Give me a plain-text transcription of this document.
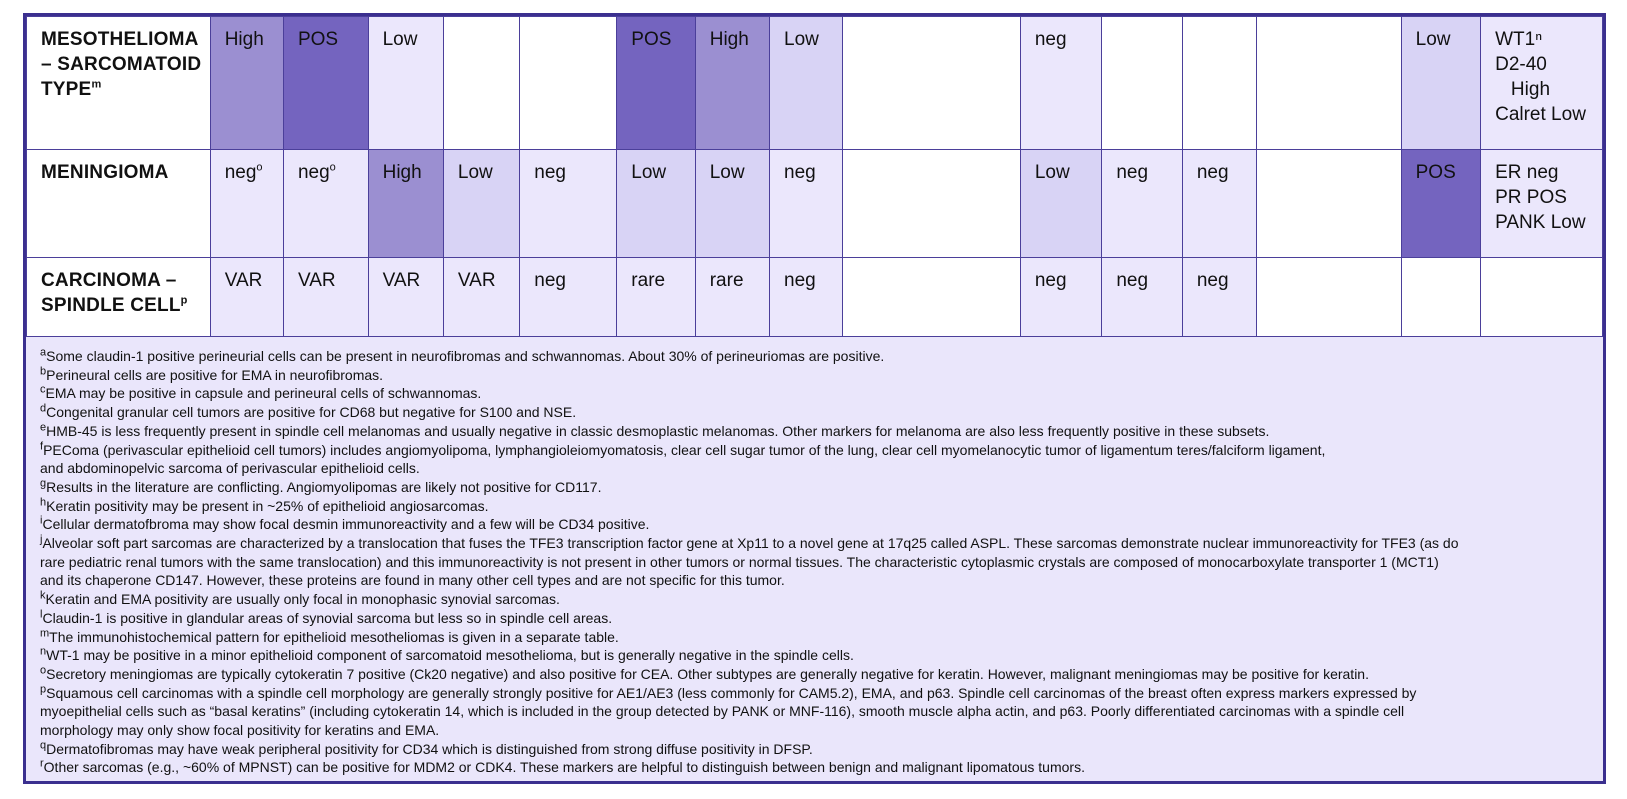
MESOTHELIOMA – SARCOMATOID TYPE$^m$	High	POS	Low			POS	High	Low		neg				Low	WT1ⁿ
D2-40
High
Calret Low

MENINGIOMA	neg$^o$	neg$^o$	High	Low	neg	Low	Low	neg		Low	neg	neg		POS	ER neg
PR POS
PANK Low

CARCINOMA – SPINDLE CELL$^p$	VAR	VAR	VAR	VAR	neg	rare	rare	neg		neg	neg	neg			
$^a$Some claudin-1 positive perineurial cells can be present in neurofibromas and schwannomas. About 30% of perineuriomas are positive.
$^b$Perineural cells are positive for EMA in neurofibromas.
$^c$EMA may be positive in capsule and perineural cells of schwannomas.
$^d$Congenital granular cell tumors are positive for CD68 but negative for S100 and NSE.
$^e$HMB-45 is less frequently present in spindle cell melanomas and usually negative in classic desmoplastic melanomas. Other markers for melanoma are also less frequently positive in these subsets.
$^f$PEComa (perivascular epithelioid cell tumors) includes angiomyolipoma, lymphangioleiomyomatosis, clear cell sugar tumor of the lung, clear cell myomelanocytic tumor of ligamentum teres/falciform ligament,
and abdominopelvic sarcoma of perivascular epithelioid cells.
$^g$Results in the literature are conflicting. Angiomyolipomas are likely not positive for CD117.
$^h$Keratin positivity may be present in ~25% of epithelioid angiosarcomas.
$^i$Cellular dermatofbroma may show focal desmin immunoreactivity and a few will be CD34 positive.
$^j$Alveolar soft part sarcomas are characterized by a translocation that fuses the TFE3 transcription factor gene at Xp11 to a novel gene at 17q25 called ASPL. These sarcomas demonstrate nuclear immunoreactivity for TFE3 (as do
rare pediatric renal tumors with the same translocation) and this immunoreactivity is not present in other tumors or normal tissues. The characteristic cytoplasmic crystals are composed of monocarboxylate transporter 1 (MCT1)
and its chaperone CD147. However, these proteins are found in many other cell types and are not specific for this tumor.
$^k$Keratin and EMA positivity are usually only focal in monophasic synovial sarcomas.
$^l$Claudin-1 is positive in glandular areas of synovial sarcoma but less so in spindle cell areas.
$^m$The immunohistochemical pattern for epithelioid mesotheliomas is given in a separate table.
$^n$WT-1 may be positive in a minor epithelioid component of sarcomatoid mesothelioma, but is generally negative in the spindle cells.
$^o$Secretory meningiomas are typically cytokeratin 7 positive (Ck20 negative) and also positive for CEA. Other subtypes are generally negative for keratin. However, malignant meningiomas may be positive for keratin.
$^p$Squamous cell carcinomas with a spindle cell morphology are generally strongly positive for AE1/AE3 (less commonly for CAM5.2), EMA, and p63. Spindle cell carcinomas of the breast often express markers expressed by
myoepithelial cells such as “basal keratins” (including cytokeratin 14, which is included in the group detected by PANK or MNF-116), smooth muscle alpha actin, and p63. Poorly differentiated carcinomas with a spindle cell
morphology may only show focal positivity for keratins and EMA.
$^q$Dermatofibromas may have weak peripheral positivity for CD34 which is distinguished from strong diffuse positivity in DFSP.
$^r$Other sarcomas (e.g., ~60% of MPNST) can be positive for MDM2 or CDK4. These markers are helpful to distinguish between benign and malignant lipomatous tumors.
